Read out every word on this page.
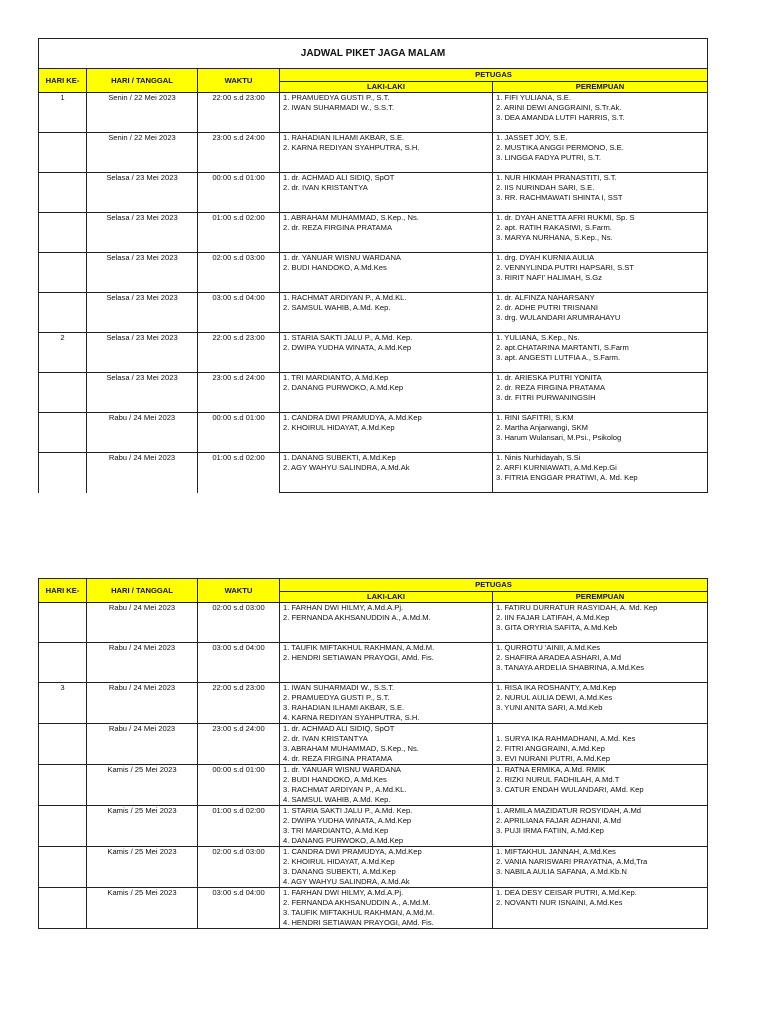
JADWAL PIKET JAGA MALAM				
HARI KE-	HARI / TANGGAL	WAKTU	PETUGAS	
			LAKI-LAKI	PEREMPUAN
1	Senin / 22 Mei 2023	22:00 s.d 23:00	1. PRAMUEDYA GUSTI P., S.T.
2. IWAN SUHARMADI W., S.S.T.	1. FIFI YULIANA, S.E.
2. ARINI DEWI ANGGRAINI, S.Tr.Ak.
3. DEA AMANDA LUTFI HARRIS, S.T.

	Senin / 22 Mei 2023	23:00 s.d 24:00	1. RAHADIAN ILHAMI AKBAR, S.E.
2. KARNA REDIYAN SYAHPUTRA, S.H.	1. JASSET JOY, S.E.
2. MUSTIKA ANGGI PERMONO, S.E.
3. LINGGA FADYA PUTRI, S.T.

	Selasa / 23 Mei 2023	00:00 s.d 01:00	1. dr. ACHMAD ALI SIDIQ, SpOT
2. dr. IVAN KRISTANTYA	1. NUR HIKMAH PRANASTITI, S.T.
2. IIS NURINDAH SARI, S.E.
3. RR. RACHMAWATI SHINTA I, SST

	Selasa / 23 Mei 2023	01:00 s.d 02:00	1. ABRAHAM MUHAMMAD, S.Kep., Ns.
2. dr. REZA FIRGINA PRATAMA	1. dr. DYAH ANETTA AFRI RUKMI, Sp. S
2. apt. RATIH RAKASIWI, S.Farm.
3. MARYA NURHANA, S.Kep., Ns.

	Selasa / 23 Mei 2023	02:00 s.d 03:00	1. dr. YANUAR WISNU WARDANA
2. BUDI HANDOKO, A.Md.Kes	1. drg. DYAH KURNIA AULIA
2. VENNYLINDA PUTRI HAPSARI, S.ST
3. RIRIT NAFI' HALIMAH, S.Gz

	Selasa / 23 Mei 2023	03:00 s.d 04:00	1. RACHMAT ARDIYAN P., A.Md.KL.
2. SAMSUL WAHIB, A.Md. Kep.	1. dr. ALFINZA NAHARSANY
2. dr. ADHE PUTRI TRISNANI
3. drg. WULANDARI ARUMRAHAYU

2	Selasa / 23 Mei 2023	22:00 s.d 23:00	1. STARIA SAKTI JALU P., A.Md. Kep.
2. DWIPA YUDHA WINATA, A.Md.Kep	1. YULIANA, S.Kep., Ns.
2. apt.CHATARINA MARTANTI, S.Farm
3. apt. ANGESTI LUTFIA A., S.Farm.

	Selasa / 23 Mei 2023	23:00 s.d 24:00	1. TRI MARDIANTO, A.Md.Kep
2. DANANG PURWOKO, A.Md.Kep	1. dr. ARIESKA PUTRI YONITA
2. dr. REZA FIRGINA PRATAMA
3. dr. FITRI PURWANINGSIH

	Rabu / 24 Mei 2023	00:00 s.d 01:00	1. CANDRA DWI PRAMUDYA, A.Md.Kep
2. KHOIRUL HIDAYAT, A.Md.Kep	1. RINI SAFITRI, S.KM
2. Martha Anjarwangi, SKM
3. Harum Wulansari, M.Psi., Psikolog

	Rabu / 24 Mei 2023	01:00 s.d 02:00	1. DANANG SUBEKTI, A.Md.Kep
2. AGY WAHYU SALINDRA, A.Md.Ak	1. Ninis Nurhidayah, S.Si
2. ARFI KURNIAWATI, A.Md.Kep.Gi
3. FITRIA ENGGAR PRATIWI, A. Md. Kep
HARI KE-	HARI / TANGGAL	WAKTU	PETUGAS	
			LAKI-LAKI	PEREMPUAN
	Rabu / 24 Mei 2023	02:00 s.d 03:00	1. FARHAN DWI HILMY, A.Md.A.Pj.
2. FERNANDA AKHSANUDDIN A., A.Md.M.	1. FATIRU DURRATUR RASYIDAH, A. Md. Kep
2. IIN FAJAR LATIFAH, A.Md.Kep
3. GITA ORYRIA SAFITA, A.Md.Keb

	Rabu / 24 Mei 2023	03:00 s.d 04:00	1. TAUFIK MIFTAKHUL RAKHMAN, A.Md.M.
2. HENDRI SETIAWAN PRAYOGI, AMd. Fis.	1. QURROTU 'AINII, A.Md.Kes
2. SHAFIRA ARADEA ASHARI, A.Md
3. TANAYA ARDELIA SHABRINA, A.Md.Kes

3	Rabu / 24 Mei 2023	22:00 s.d 23:00	1. IWAN SUHARMADI W., S.S.T.
2. PRAMUEDYA GUSTI P., S.T.
3. RAHADIAN ILHAMI AKBAR, S.E.
4. KARNA REDIYAN SYAHPUTRA, S.H.	1. RISA IKA ROSHANTY, A.Md.Kep
2. NURUL AULIA DEWI, A.Md.Kes
3. YUNI ANITA SARI, A.Md.Keb

	Rabu / 24 Mei 2023	23:00 s.d 24:00	1. dr. ACHMAD ALI SIDIQ, SpOT
2. dr. IVAN KRISTANTYA
3. ABRAHAM MUHAMMAD, S.Kep., Ns.
4. dr. REZA FIRGINA PRATAMA	1. SURYA IKA RAHMADHANI, A.Md. Kes
2. FITRI ANGGRAINI, A.Md.Kep
3. EVI NURANI PUTRI, A.Md.Kep

	Kamis / 25 Mei 2023	00:00 s.d 01:00	1. dr. YANUAR WISNU WARDANA
2. BUDI HANDOKO, A.Md.Kes
3. RACHMAT ARDIYAN P., A.Md.KL.
4. SAMSUL WAHIB, A.Md. Kep.	1. RATNA ERMIKA, A.Md. RMIK
2. RIZKI NURUL FADHILAH, A.Md.T
3. CATUR ENDAH WULANDARI, AMd. Kep

	Kamis / 25 Mei 2023	01:00 s.d 02:00	1. STARIA SAKTI JALU P., A.Md. Kep.
2. DWIPA YUDHA WINATA, A.Md.Kep
3. TRI MARDIANTO, A.Md.Kep
4. DANANG PURWOKO, A.Md.Kep	1. ARMILA MAZIDATUR ROSYIDAH, A.Md
2. APRILIANA FAJAR ADHANI, A.Md
3. PUJI IRMA FATIIN, A.Md.Kep

	Kamis / 25 Mei 2023	02:00 s.d 03:00	1. CANDRA DWI PRAMUDYA, A.Md.Kep
2. KHOIRUL HIDAYAT, A.Md.Kep
3. DANANG SUBEKTI, A.Md.Kep
4. AGY WAHYU SALINDRA, A.Md.Ak	1. MIFTAKHUL JANNAH, A.Md.Kes
2. VANIA NARISWARI PRAYATNA, A.Md,Tra
3. NABILA AULIA SAFANA, A.Md.Kb.N

	Kamis / 25 Mei 2023	03:00 s.d 04:00	1. FARHAN DWI HILMY, A.Md.A.Pj.
2. FERNANDA AKHSANUDDIN A., A.Md.M.
3. TAUFIK MIFTAKHUL RAKHMAN, A.Md.M.
4. HENDRI SETIAWAN PRAYOGI, AMd. Fis.	1. DEA DESY CEISAR PUTRI, A.Md.Kep.
2. NOVANTI NUR ISNAINI, A.Md.Kes
